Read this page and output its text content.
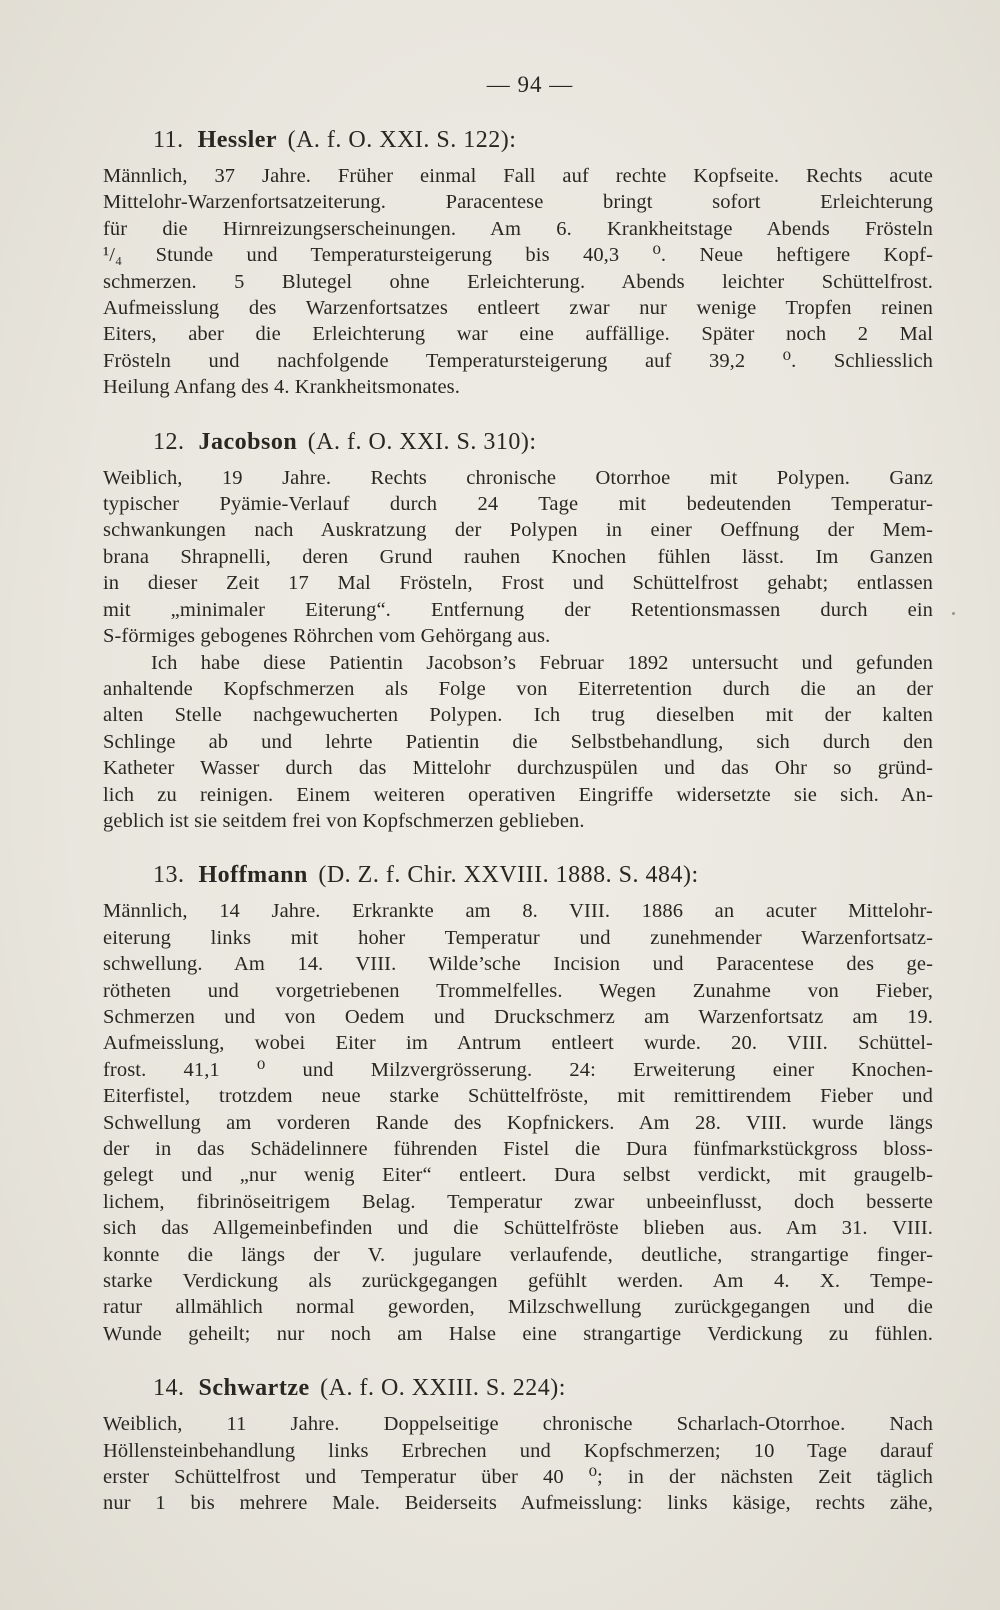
— 94 —
11. Hessler (A. f. O. XXI. S. 122):
Männlich, 37 Jahre. Früher einmal Fall auf rechte Kopfseite. Rechts acute
Mittelohr-Warzenfortsatzeiterung. Paracentese bringt sofort Erleichterung
für die Hirnreizungserscheinungen. Am 6. Krankheitstage Abends Frösteln
¹/₄ Stunde und Temperatursteigerung bis 40,3 ⁰. Neue heftigere Kopf-
schmerzen. 5 Blutegel ohne Erleichterung. Abends leichter Schüttelfrost.
Aufmeisslung des Warzenfortsatzes entleert zwar nur wenige Tropfen reinen
Eiters, aber die Erleichterung war eine auffällige. Später noch 2 Mal
Frösteln und nachfolgende Temperatursteigerung auf 39,2 ⁰. Schliesslich
Heilung Anfang des 4. Krankheitsmonates.
12. Jacobson (A. f. O. XXI. S. 310):
Weiblich, 19 Jahre. Rechts chronische Otorrhoe mit Polypen. Ganz
typischer Pyämie-Verlauf durch 24 Tage mit bedeutenden Temperatur-
schwankungen nach Auskratzung der Polypen in einer Oeffnung der Mem-
brana Shrapnelli, deren Grund rauhen Knochen fühlen lässt. Im Ganzen
in dieser Zeit 17 Mal Frösteln, Frost und Schüttelfrost gehabt; entlassen
mit „minimaler Eiterung“. Entfernung der Retentionsmassen durch ein
S-förmiges gebogenes Röhrchen vom Gehörgang aus.
Ich habe diese Patientin Jacobson’s Februar 1892 untersucht und gefunden
anhaltende Kopfschmerzen als Folge von Eiterretention durch die an der
alten Stelle nachgewucherten Polypen. Ich trug dieselben mit der kalten
Schlinge ab und lehrte Patientin die Selbstbehandlung, sich durch den
Katheter Wasser durch das Mittelohr durchzuspülen und das Ohr so gründ-
lich zu reinigen. Einem weiteren operativen Eingriffe widersetzte sie sich. An-
geblich ist sie seitdem frei von Kopfschmerzen geblieben.
13. Hoffmann (D. Z. f. Chir. XXVIII. 1888. S. 484):
Männlich, 14 Jahre. Erkrankte am 8. VIII. 1886 an acuter Mittelohr-
eiterung links mit hoher Temperatur und zunehmender Warzenfortsatz-
schwellung. Am 14. VIII. Wilde’sche Incision und Paracentese des ge-
rötheten und vorgetriebenen Trommelfelles. Wegen Zunahme von Fieber,
Schmerzen und von Oedem und Druckschmerz am Warzenfortsatz am 19.
Aufmeisslung, wobei Eiter im Antrum entleert wurde. 20. VIII. Schüttel-
frost. 41,1 ⁰ und Milzvergrösserung. 24: Erweiterung einer Knochen-
Eiterfistel, trotzdem neue starke Schüttelfröste, mit remittirendem Fieber und
Schwellung am vorderen Rande des Kopfnickers. Am 28. VIII. wurde längs
der in das Schädelinnere führenden Fistel die Dura fünfmarkstückgross bloss-
gelegt und „nur wenig Eiter“ entleert. Dura selbst verdickt, mit graugelb-
lichem, fibrinöseitrigem Belag. Temperatur zwar unbeeinflusst, doch besserte
sich das Allgemeinbefinden und die Schüttelfröste blieben aus. Am 31. VIII.
konnte die längs der V. jugulare verlaufende, deutliche, strangartige finger-
starke Verdickung als zurückgegangen gefühlt werden. Am 4. X. Tempe-
ratur allmählich normal geworden, Milzschwellung zurückgegangen und die
Wunde geheilt; nur noch am Halse eine strangartige Verdickung zu fühlen.
14. Schwartze (A. f. O. XXIII. S. 224):
Weiblich, 11 Jahre. Doppelseitige chronische Scharlach-Otorrhoe. Nach
Höllensteinbehandlung links Erbrechen und Kopfschmerzen; 10 Tage darauf
erster Schüttelfrost und Temperatur über 40 ⁰; in der nächsten Zeit täglich
nur 1 bis mehrere Male. Beiderseits Aufmeisslung: links käsige, rechts zähe,
